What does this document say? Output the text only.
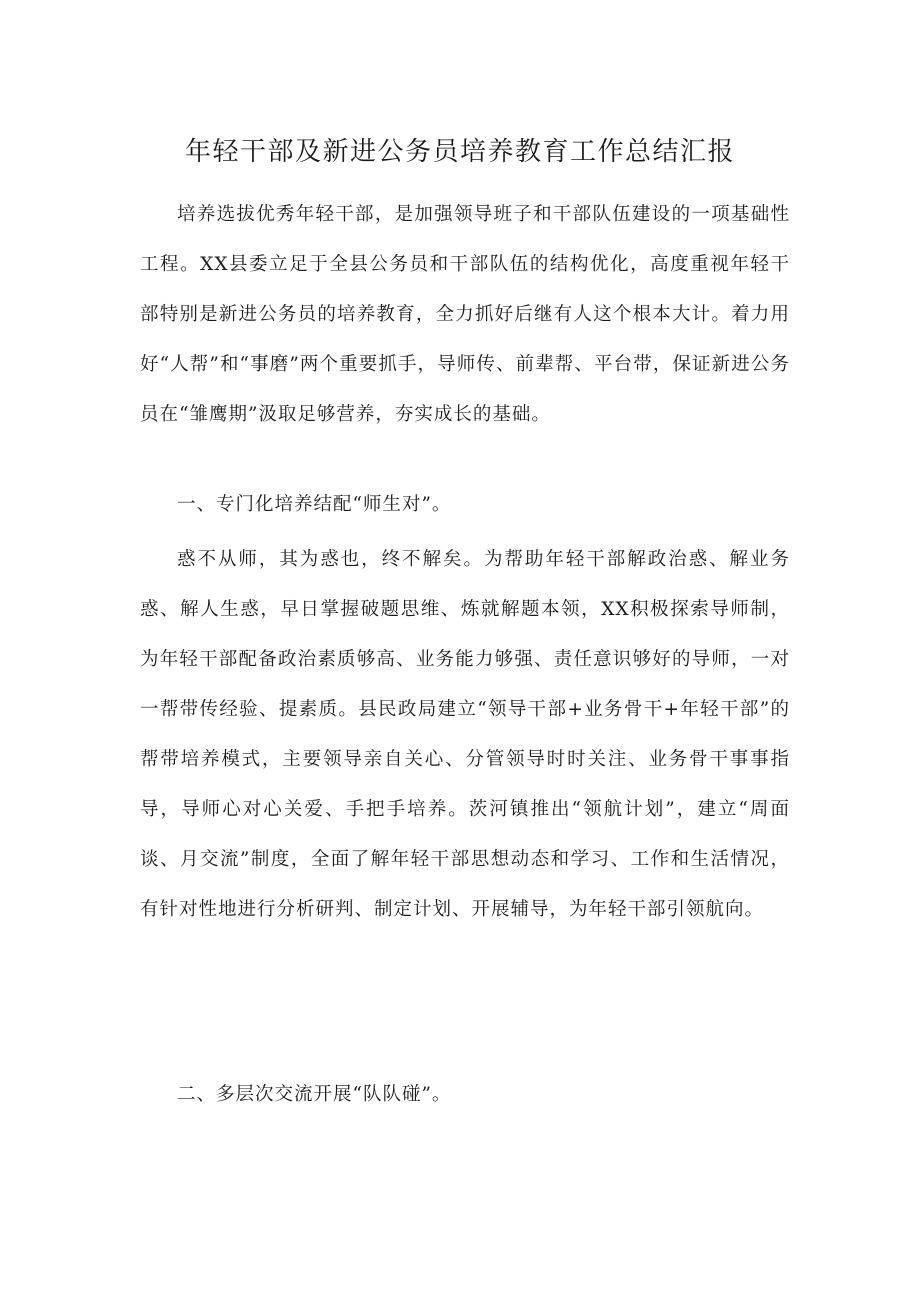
年轻干部及新进公务员培养教育工作总结汇报

培养选拔优秀年轻干部，是加强领导班子和干部队伍建设的一项基础性工程。XX县委立足于全县公务员和干部队伍的结构优化，高度重视年轻干部特别是新进公务员的培养教育，全力抓好后继有人这个根本大计。着力用好“人帮”和“事磨”两个重要抓手，导师传、前辈帮、平台带，保证新进公务员在“雏鹰期”汲取足够营养，夯实成长的基础。

一、专门化培养结配“师生对”。

惑不从师，其为惑也，终不解矣。为帮助年轻干部解政治惑、解业务惑、解人生惑，早日掌握破题思维、炼就解题本领，XX积极探索导师制，为年轻干部配备政治素质够高、业务能力够强、责任意识够好的导师，一对一帮带传经验、提素质。县民政局建立“领导干部+业务骨干+年轻干部”的帮带培养模式，主要领导亲自关心、分管领导时时关注、业务骨干事事指导，导师心对心关爱、手把手培养。茨河镇推出“领航计划”，建立“周面谈、月交流”制度，全面了解年轻干部思想动态和学习、工作和生活情况，有针对性地进行分析研判、制定计划、开展辅导，为年轻干部引领航向。

二、多层次交流开展“队队碰”。
